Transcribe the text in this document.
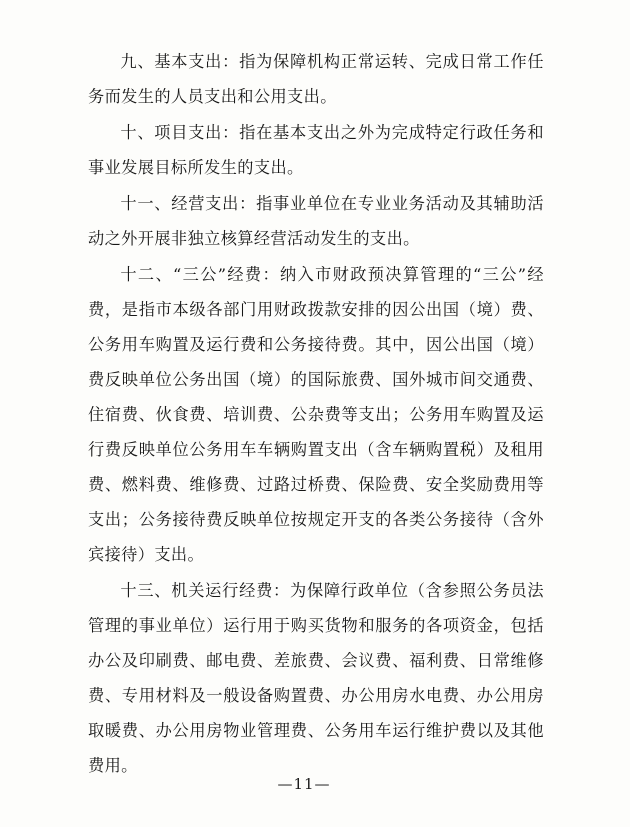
九、基本支出：指为保障机构正常运转、完成日常工作任务而发生的人员支出和公用支出。

十、项目支出：指在基本支出之外为完成特定行政任务和事业发展目标所发生的支出。

十一、经营支出：指事业单位在专业业务活动及其辅助活动之外开展非独立核算经营活动发生的支出。

十二、“三公”经费：纳入市财政预决算管理的“三公”经费，是指市本级各部门用财政拨款安排的因公出国（境）费、公务用车购置及运行费和公务接待费。其中，因公出国（境）费反映单位公务出国（境）的国际旅费、国外城市间交通费、住宿费、伙食费、培训费、公杂费等支出；公务用车购置及运行费反映单位公务用车车辆购置支出（含车辆购置税）及租用费、燃料费、维修费、过路过桥费、保险费、安全奖励费用等支出；公务接待费反映单位按规定开支的各类公务接待（含外宾接待）支出。

十三、机关运行经费：为保障行政单位（含参照公务员法管理的事业单位）运行用于购买货物和服务的各项资金，包括办公及印刷费、邮电费、差旅费、会议费、福利费、日常维修费、专用材料及一般设备购置费、办公用房水电费、办公用房取暖费、办公用房物业管理费、公务用车运行维护费以及其他费用。

—11—
